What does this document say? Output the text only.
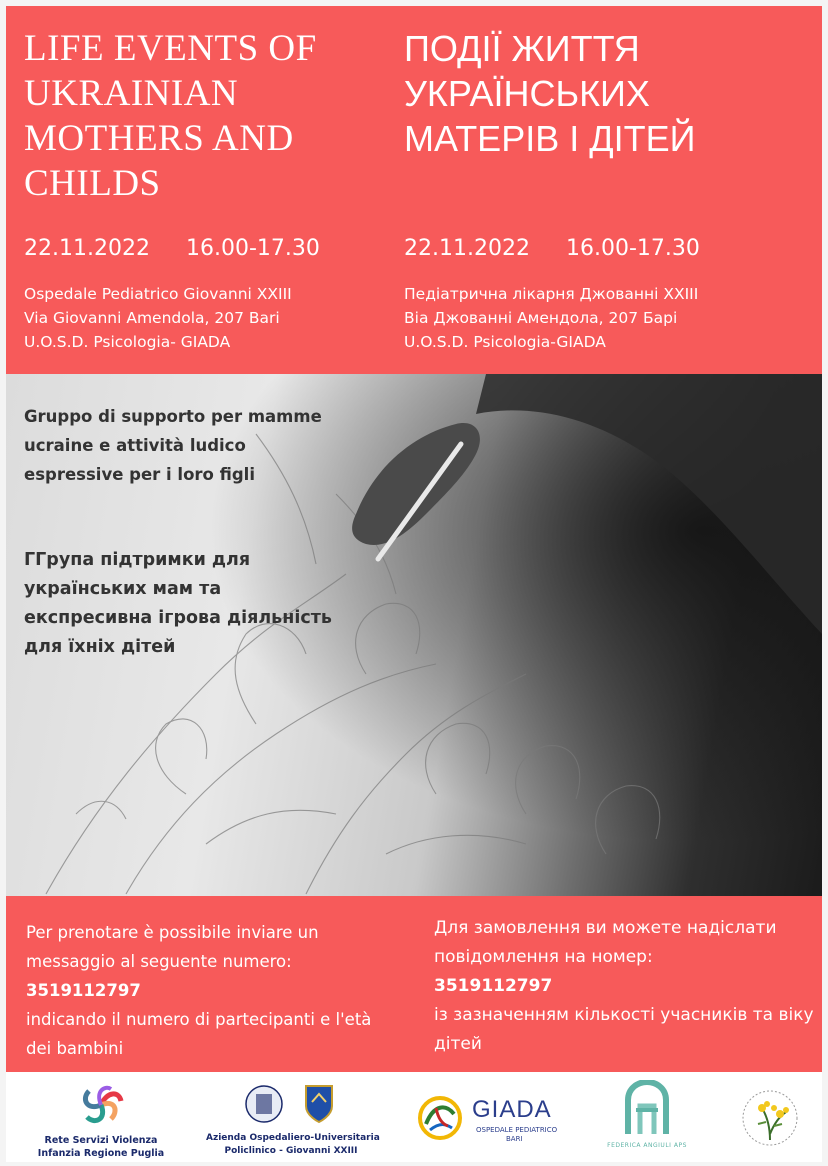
LIFE EVENTS OF
UKRAINIAN
MOTHERS AND
CHILDS
22.11.2022 16.00-17.30
Ospedale Pediatrico Giovanni XXIII
Via Giovanni Amendola, 207 Bari
U.O.S.D. Psicologia- GIADA
ПОДІЇ ЖИТТЯ
УКРАЇНСЬКИХ
МАТЕРІВ І ДІТЕЙ
22.11.2022 16.00-17.30
Педіатрична лікарня Джованні XXIII
Віа Джованні Амендола, 207 Барі
U.O.S.D. Psicologia-GIADA
Gruppo di supporto per mamme ucraine e attività ludico espressive per i loro figli
ГГрупа підтримки для українських мам та експресивна ігрова діяльність для їхніх дітей
Per prenotare è possibile inviare un messaggio al seguente numero:
3519112797
indicando il numero di partecipanti e l'età dei bambini
Для замовлення ви можете надіслати повідомлення на номер:
3519112797
із зазначенням кількості учасників та віку дітей
Rete Servizi Violenza
Infanzia Regione Puglia
Azienda Ospedaliero-Universitaria
Policlinico - Giovanni XXIII
GIADA
OSPEDALE PEDIATRICO
BARI
FEDERICA ANGIULI APS
